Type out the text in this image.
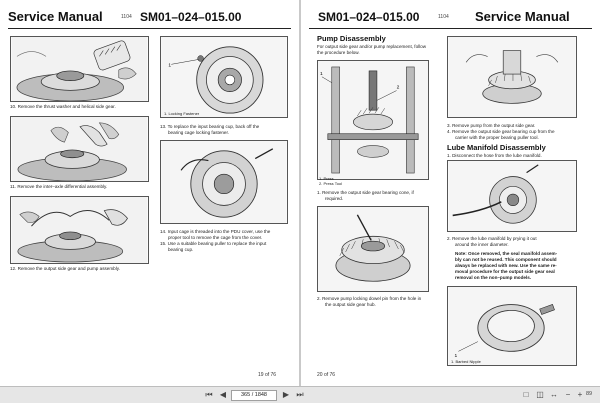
Service Manual	1104 SM01–024–015.00
10. Remove the thrust washer and helical side gear.
11. Remove the inter–axle differential assembly.
12. Remove the output side gear and pump assembly.
1
1. Locking Fastener
13. To replace the input bearing cup, back off the
bearing cage locking fastener.
14. Input cage is threaded into the PDU cover, use the
proper tool to remove the cage from the cover.
15. Use a suitable bearing puller to replace the input
bearing cup.
19 of 76
SM01–024–015.00	1104 Service Manual
Pump Disassembly
For output side gear and/or pump replacement, follow
the procedure below.
1
2
1. Press
2. Press Tool
1. Remove the output side gear bearing cone, if
required.
2. Remove pump locking dowel pin from the hole in
the output side gear hub.
3. Remove pump from the output side gear.
4. Remove the output side gear bearing cup from the
carrier with the proper bearing puller tool.
Lube Manifold Disassembly
1. Disconnect the hose from the lube manifold.
2. Remove the lube manifold by prying it out
around the inner diameter.
Note: Once removed, the seal manifold assem-
bly can not be reused. This component should
always be replaced with new. Use the same re-
moval procedure for the output side gear seal
removal on the non–pump models.
1
1. Barbed Nipple
20 of 76
⏮ ◀	365 / 1848	▶ ⏭	□ ◫ ↔ − + 89
